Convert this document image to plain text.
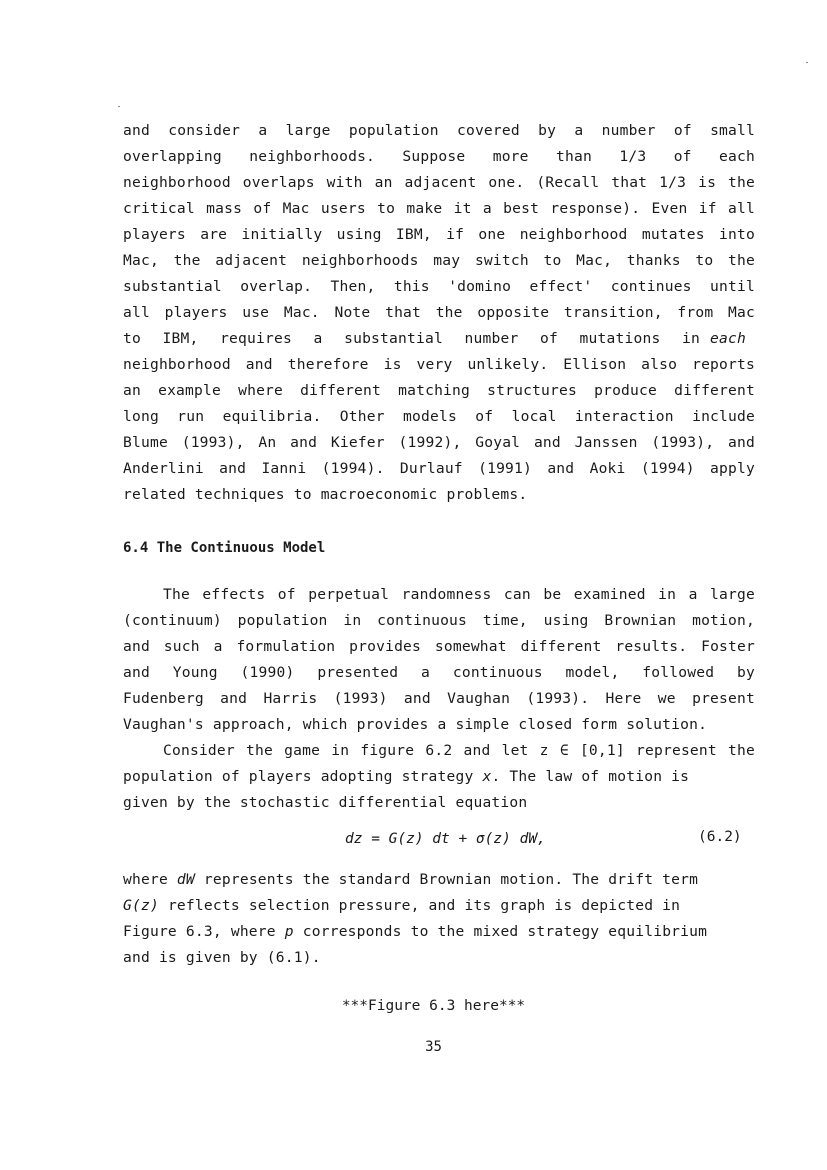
and consider a large population covered by a number of small
overlapping neighborhoods. Suppose more than 1/3 of each
neighborhood overlaps with an adjacent one. (Recall that 1/3 is the
critical mass of Mac users to make it a best response). Even if all
players are initially using IBM, if one neighborhood mutates into
Mac, the adjacent neighborhoods may switch to Mac, thanks to the
substantial overlap. Then, this 'domino effect' continues until
all players use Mac. Note that the opposite transition, from Mac
to IBM, requires a substantial number of mutations in each
neighborhood and therefore is very unlikely. Ellison also reports
an example where different matching structures produce different
long run equilibria. Other models of local interaction include
Blume (1993), An and Kiefer (1992), Goyal and Janssen (1993), and
Anderlini and Ianni (1994). Durlauf (1991) and Aoki (1994) apply
related techniques to macroeconomic problems.
6.4 The Continuous Model
The effects of perpetual randomness can be examined in a large
(continuum) population in continuous time, using Brownian motion,
and such a formulation provides somewhat different results. Foster
and Young (1990) presented a continuous model, followed by
Fudenberg and Harris (1993) and Vaughan (1993). Here we present
Vaughan's approach, which provides a simple closed form solution.
Consider the game in figure 6.2 and let z ∈ [0,1] represent the
population of players adopting strategy x. The law of motion is
given by the stochastic differential equation
dz = G(z) dt + σ(z) dW,	(6.2)
where dW represents the standard Brownian motion. The drift term
G(z) reflects selection pressure, and its graph is depicted in
Figure 6.3, where p corresponds to the mixed strategy equilibrium
and is given by (6.1).
***Figure 6.3 here***
35
